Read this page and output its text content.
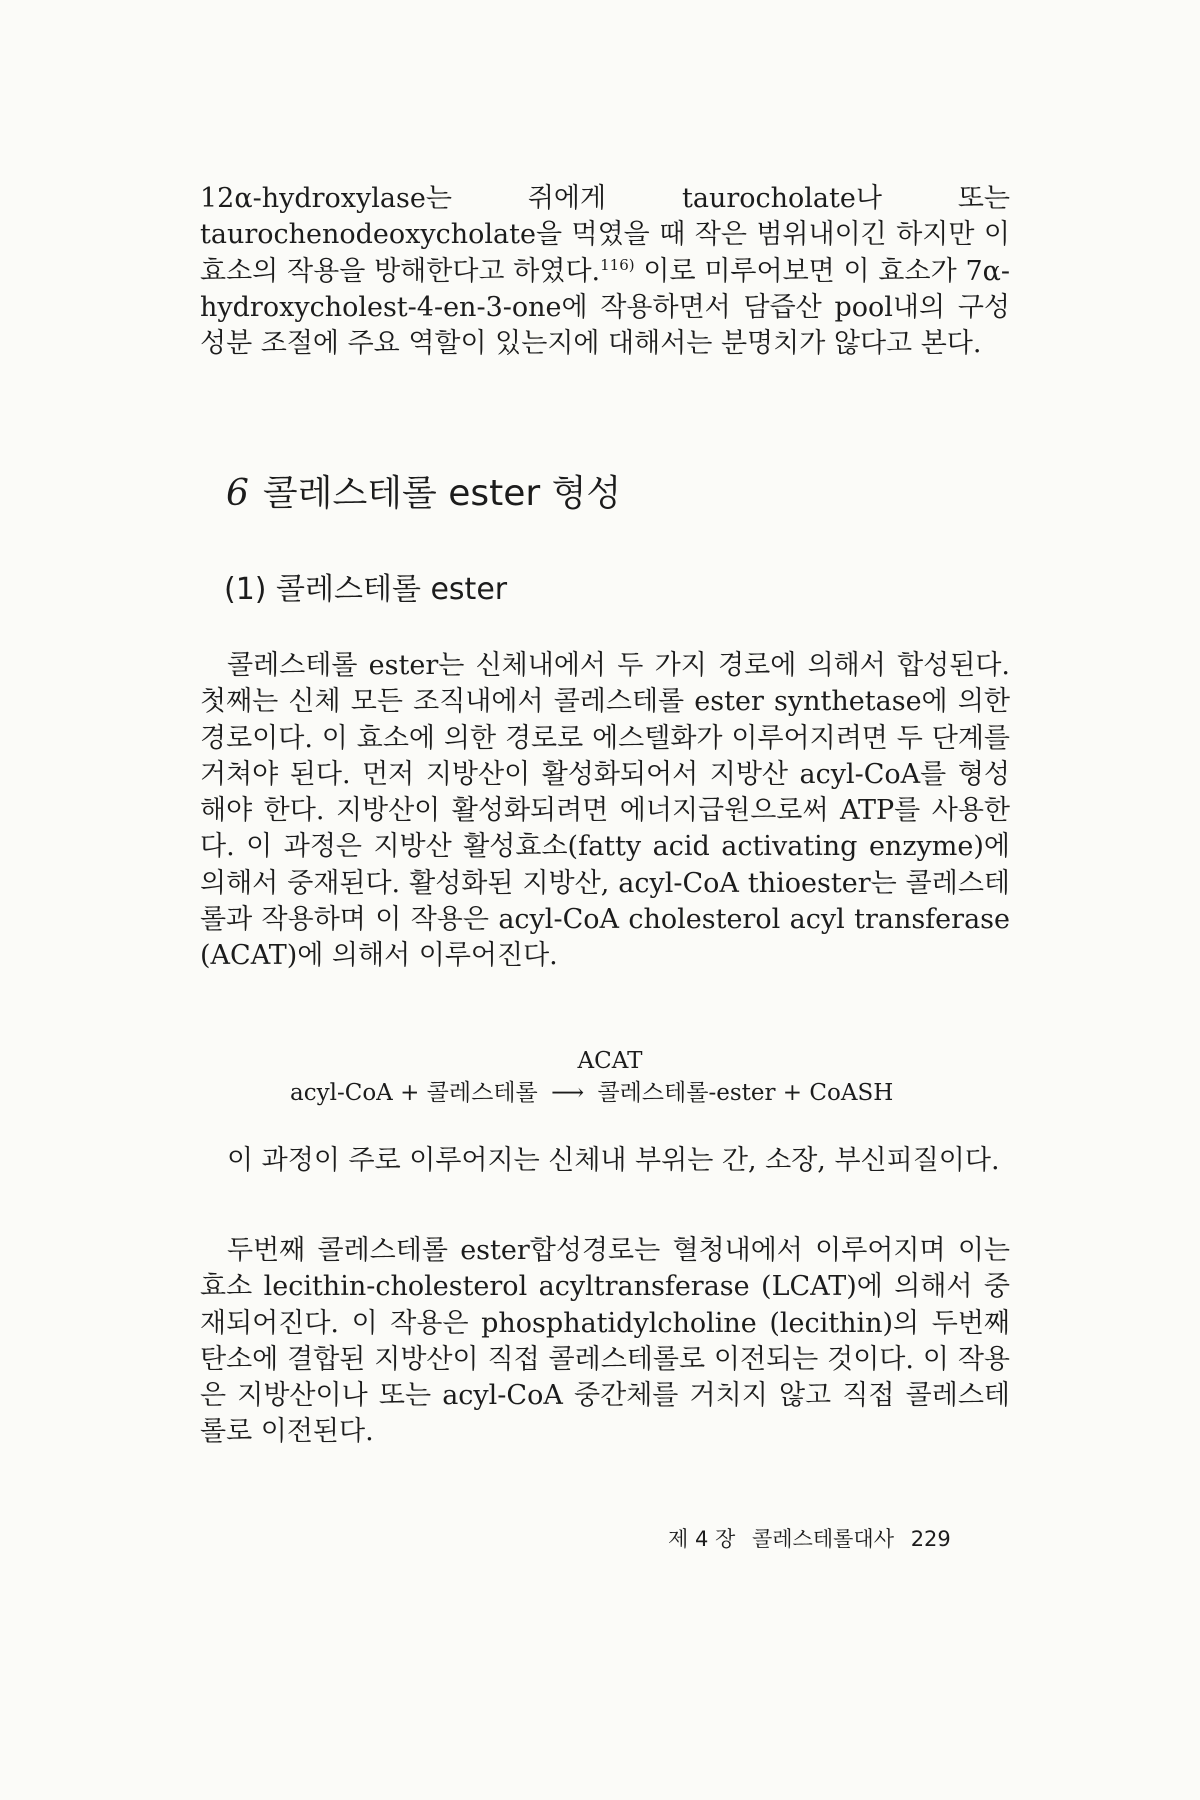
12α-hydroxylase는 쥐에게 taurocholate나 또는 taurochenodeoxycholate을 먹였을 때 작은 범위내이긴 하지만 이 효소의 작용을 방해한다고 하였다.$^{116)}$ 이로 미루어보면 이 효소가 7α-hydroxycholest-4-en-3-one에 작용하면서 담즙산 pool내의 구성성분 조절에 주요 역할이 있는지에 대해서는 분명치가 않다고 본다.

6 콜레스테롤 ester 형성
(1) 콜레스테롤 ester

콜레스테롤 ester는 신체내에서 두 가지 경로에 의해서 합성된다. 첫째는 신체 모든 조직내에서 콜레스테롤 ester synthetase에 의한 경로이다. 이 효소에 의한 경로로 에스텔화가 이루어지려면 두 단계를 거쳐야 된다. 먼저 지방산이 활성화되어서 지방산 acyl-CoA를 형성해야 한다. 지방산이 활성화되려면 에너지급원으로써 ATP를 사용한다. 이 과정은 지방산 활성효소(fatty acid activating enzyme)에 의해서 중재된다. 활성화된 지방산, acyl-CoA thioester는 콜레스테롤과 작용하며 이 작용은 acyl-CoA cholesterol acyl transferase (ACAT)에 의해서 이루어진다.

ACAT
acyl-CoA + 콜레스테롤 ⟶ 콜레스테롤-ester + CoASH

이 과정이 주로 이루어지는 신체내 부위는 간, 소장, 부신피질이다.

두번째 콜레스테롤 ester합성경로는 혈청내에서 이루어지며 이는 효소 lecithin-cholesterol acyltransferase (LCAT)에 의해서 중재되어진다. 이 작용은 phosphatidylcholine (lecithin)의 두번째 탄소에 결합된 지방산이 직접 콜레스테롤로 이전되는 것이다. 이 작용은 지방산이나 또는 acyl-CoA 중간체를 거치지 않고 직접 콜레스테롤로 이전된다.

제 4 장 콜레스테롤대사 229
